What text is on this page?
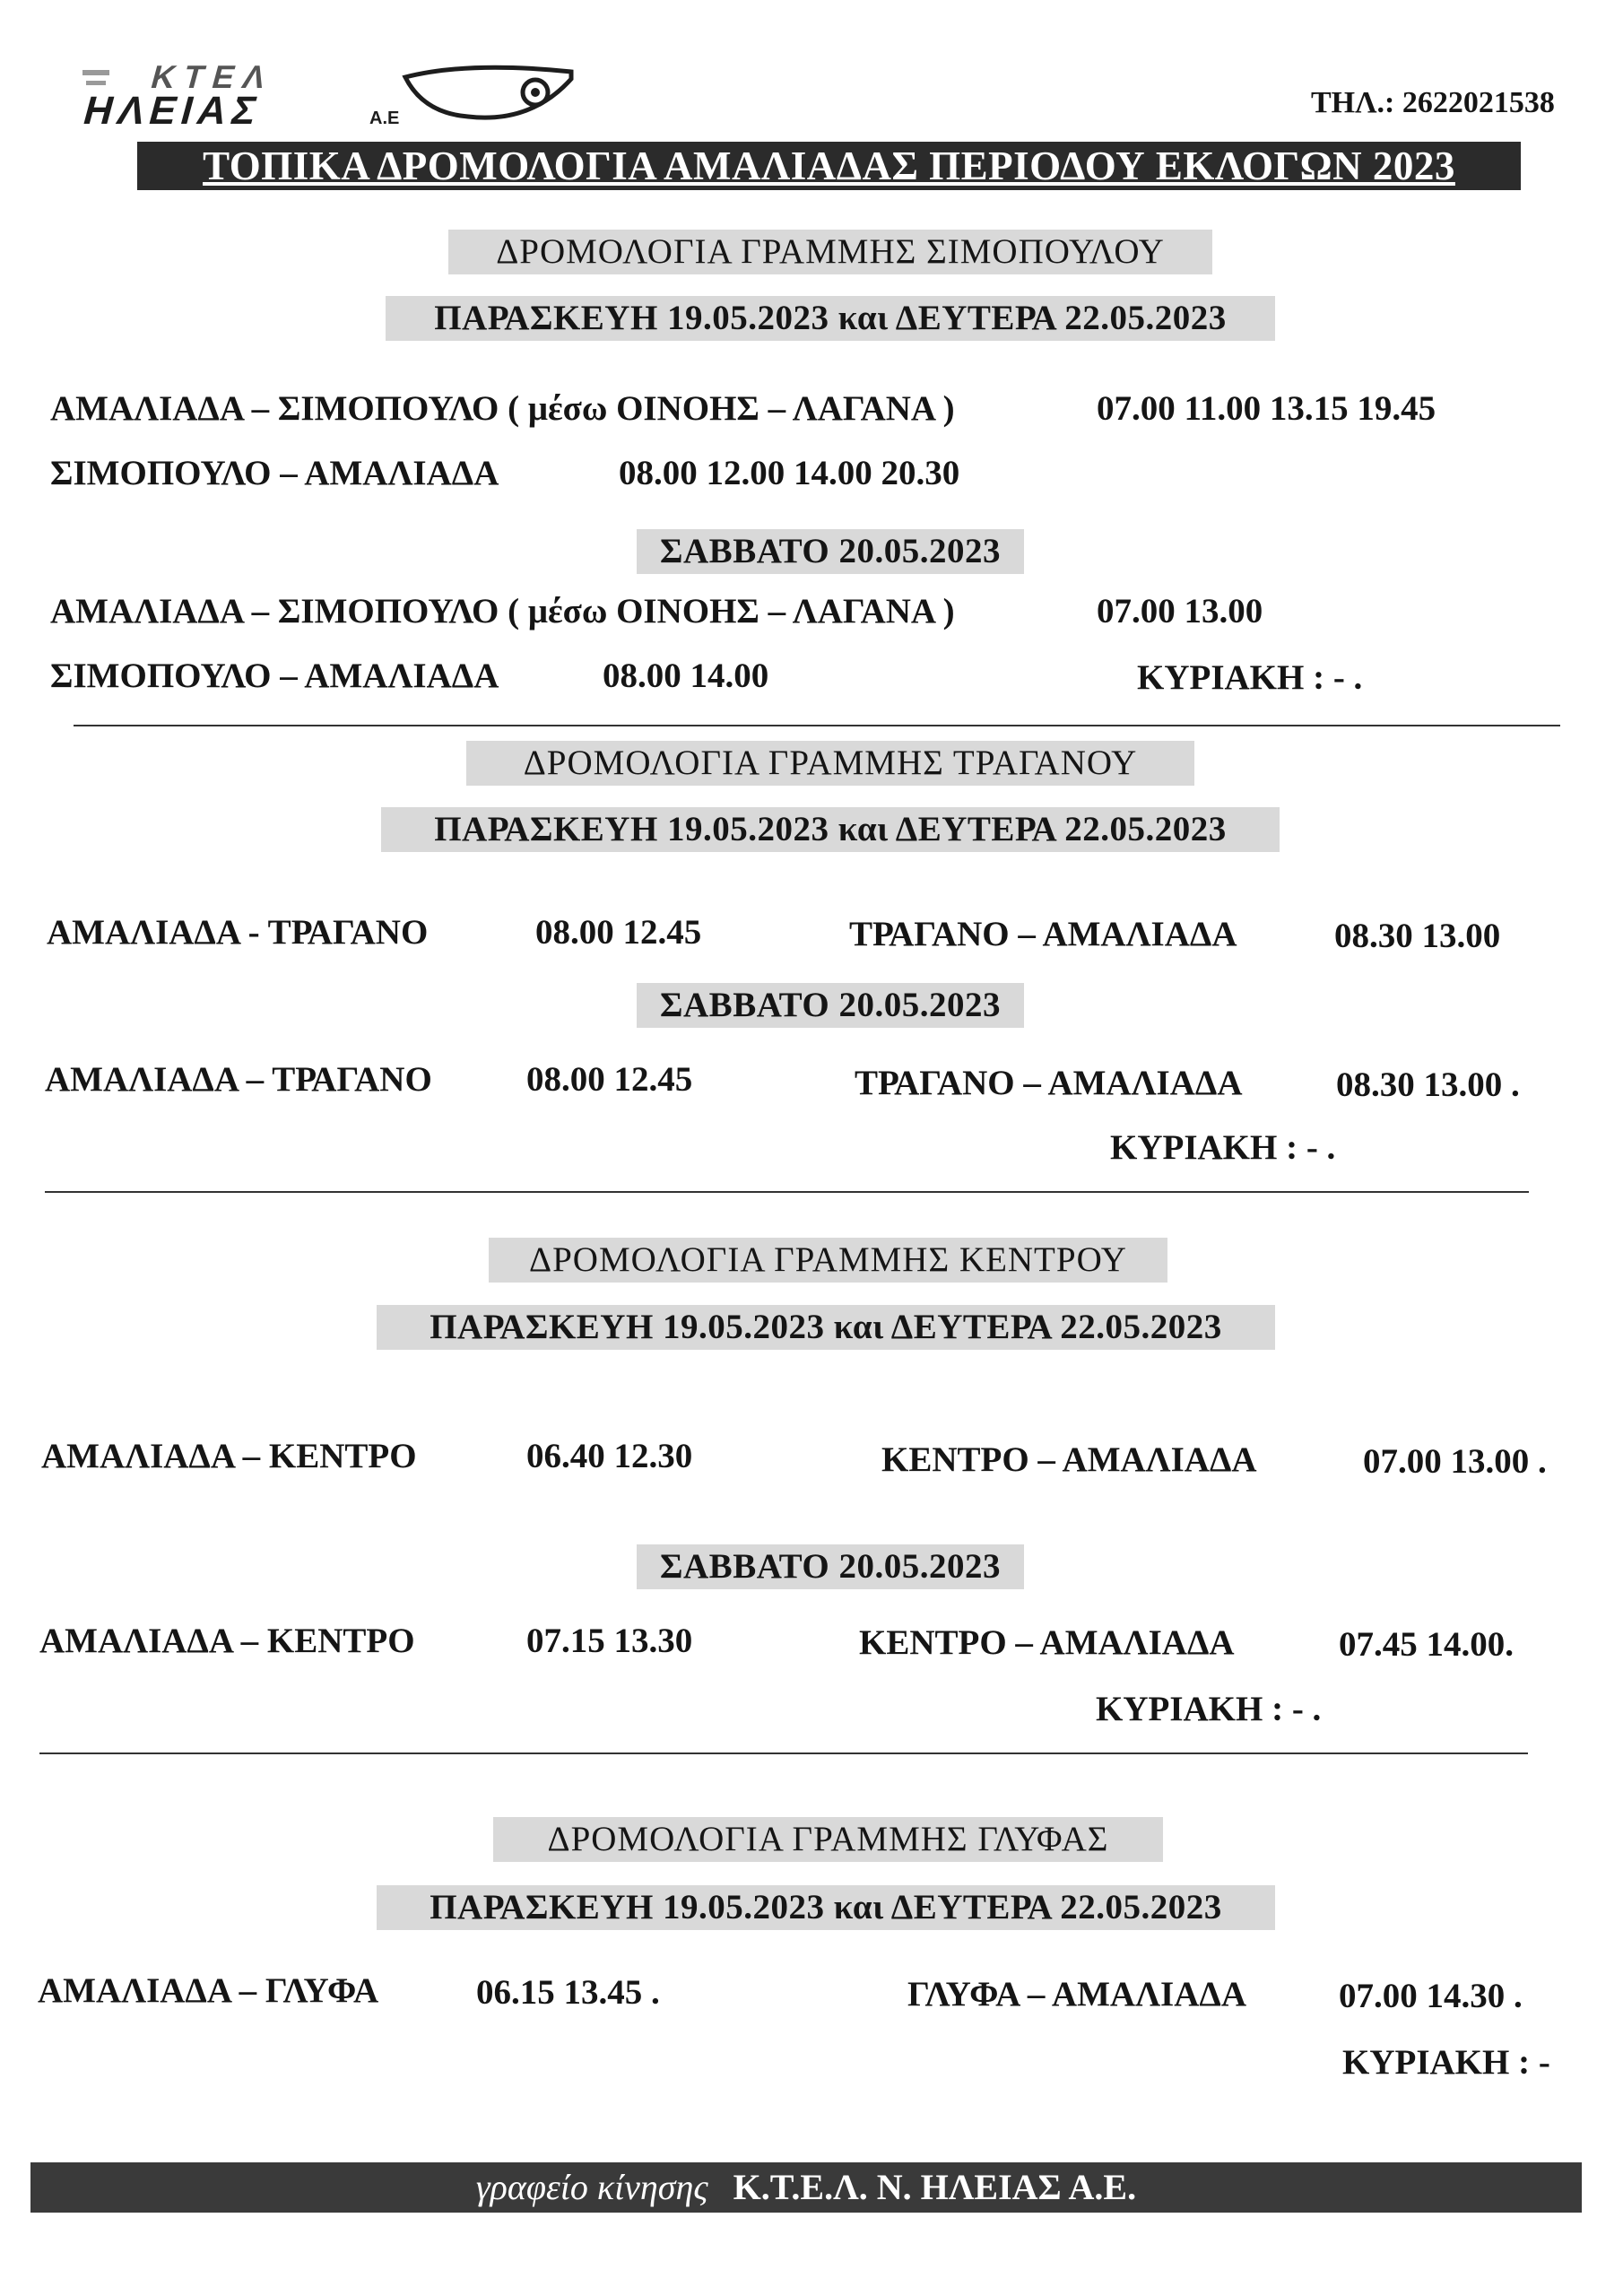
ΚΤΕΛ
ΗΛΕΙΑΣ	Α.Ε	ΤΗΛ.: 2622021538
ΤΟΠΙΚΑ ΔΡΟΜΟΛΟΓΙΑ ΑΜΑΛΙΑΔΑΣ ΠΕΡΙΟΔΟΥ ΕΚΛΟΓΩΝ 2023
ΔΡΟΜΟΛΟΓΙΑ ΓΡΑΜΜΗΣ ΣΙΜΟΠΟΥΛΟΥ
ΠΑΡΑΣΚΕΥΗ 19.05.2023 και ΔΕΥΤΕΡΑ 22.05.2023
ΑΜΑΛΙΑΔΑ – ΣΙΜΟΠΟΥΛΟ ( μέσω ΟΙΝΟΗΣ – ΛΑΓΑΝΑ )	07.00 11.00 13.15 19.45
ΣΙΜΟΠΟΥΛΟ – ΑΜΑΛΙΑΔΑ	08.00 12.00 14.00 20.30
ΣΑΒΒΑΤΟ 20.05.2023
ΑΜΑΛΙΑΔΑ – ΣΙΜΟΠΟΥΛΟ ( μέσω ΟΙΝΟΗΣ – ΛΑΓΑΝΑ )	07.00 13.00
ΣΙΜΟΠΟΥΛΟ – ΑΜΑΛΙΑΔΑ	08.00 14.00	ΚΥΡΙΑΚΗ : - .
ΔΡΟΜΟΛΟΓΙΑ ΓΡΑΜΜΗΣ ΤΡΑΓΑΝΟΥ
ΠΑΡΑΣΚΕΥΗ 19.05.2023 και ΔΕΥΤΕΡΑ 22.05.2023
ΑΜΑΛΙΑΔΑ - ΤΡΑΓΑΝΟ	08.00 12.45	ΤΡΑΓΑΝΟ – ΑΜΑΛΙΑΔΑ	08.30 13.00
ΣΑΒΒΑΤΟ 20.05.2023
ΑΜΑΛΙΑΔΑ – ΤΡΑΓΑΝΟ	08.00 12.45	ΤΡΑΓΑΝΟ – ΑΜΑΛΙΑΔΑ	08.30 13.00 .
ΚΥΡΙΑΚΗ : - .
ΔΡΟΜΟΛΟΓΙΑ ΓΡΑΜΜΗΣ ΚΕΝΤΡΟΥ
ΠΑΡΑΣΚΕΥΗ 19.05.2023 και ΔΕΥΤΕΡΑ 22.05.2023
ΑΜΑΛΙΑΔΑ – ΚΕΝΤΡΟ	06.40 12.30	ΚΕΝΤΡΟ – ΑΜΑΛΙΑΔΑ	07.00 13.00 .
ΣΑΒΒΑΤΟ 20.05.2023
ΑΜΑΛΙΑΔΑ – ΚΕΝΤΡΟ	07.15 13.30	ΚΕΝΤΡΟ – ΑΜΑΛΙΑΔΑ	07.45 14.00.
ΚΥΡΙΑΚΗ : - .
ΔΡΟΜΟΛΟΓΙΑ ΓΡΑΜΜΗΣ ΓΛΥΦΑΣ
ΠΑΡΑΣΚΕΥΗ 19.05.2023 και ΔΕΥΤΕΡΑ 22.05.2023
ΑΜΑΛΙΑΔΑ – ΓΛΥΦΑ	06.15 13.45 .	ΓΛΥΦΑ – ΑΜΑΛΙΑΔΑ	07.00 14.30 .
ΚΥΡΙΑΚΗ : -
γραφείο κίνησης Κ.Τ.Ε.Λ. Ν. ΗΛΕΙΑΣ Α.Ε.
